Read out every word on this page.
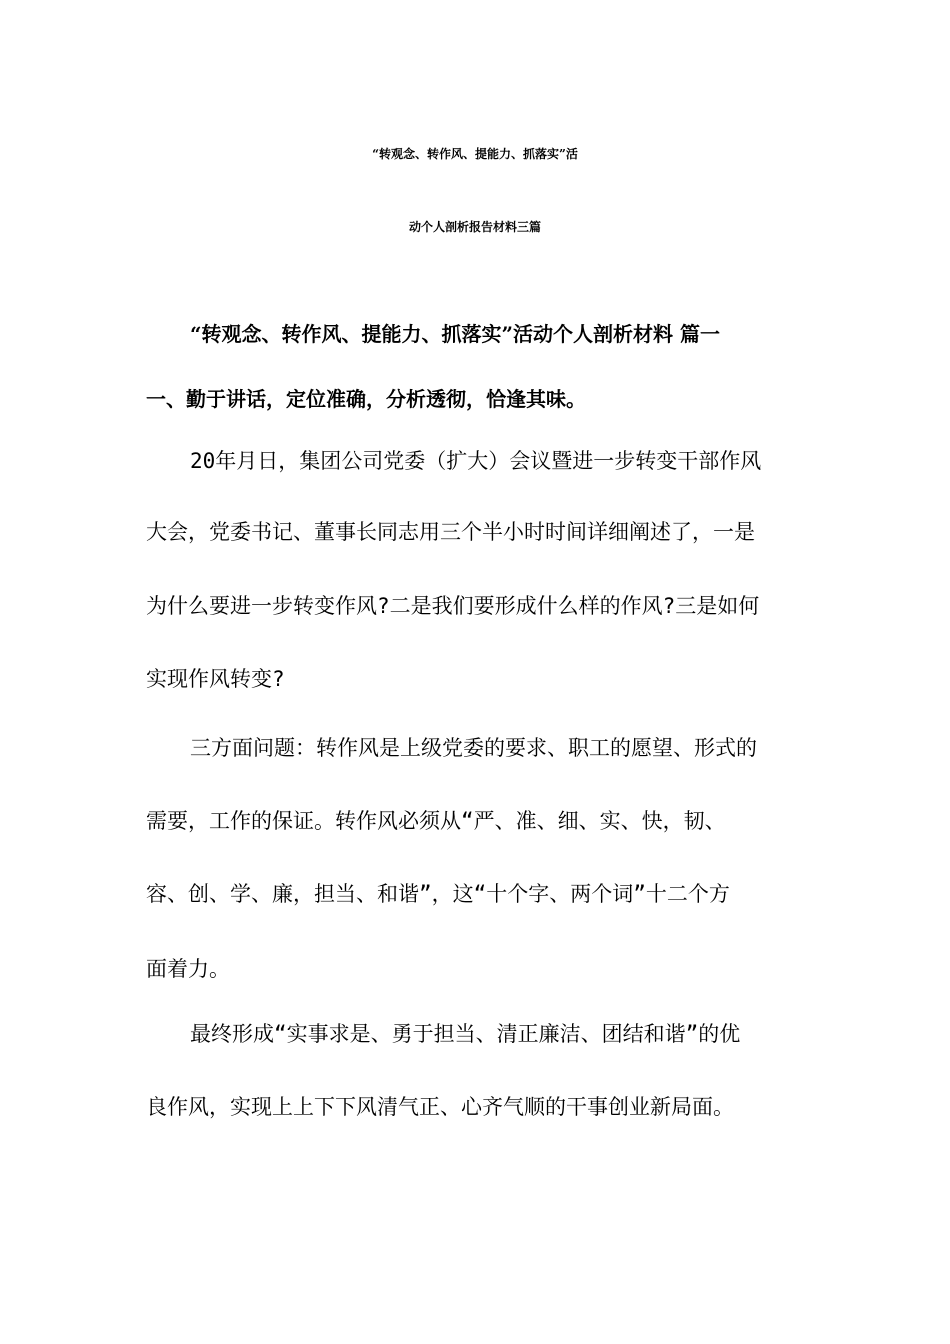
“转观念、转作风、提能力、抓落实”活
动个人剖析报告材料三篇
“转观念、转作风、提能力、抓落实”活动个人剖析材料 篇一
一、勤于讲话，定位准确，分析透彻，恰逢其味。
20年月日，集团公司党委（扩大）会议暨进一步转变干部作风
大会，党委书记、董事长同志用三个半小时时间详细阐述了，一是
为什么要进一步转变作风?二是我们要形成什么样的作风?三是如何
实现作风转变?
三方面问题：转作风是上级党委的要求、职工的愿望、形式的
需要，工作的保证。转作风必须从“严、准、细、实、快，韧、
容、创、学、廉，担当、和谐”，这“十个字、两个词”十二个方
面着力。
最终形成“实事求是、勇于担当、清正廉洁、团结和谐”的优
良作风，实现上上下下风清气正、心齐气顺的干事创业新局面。
